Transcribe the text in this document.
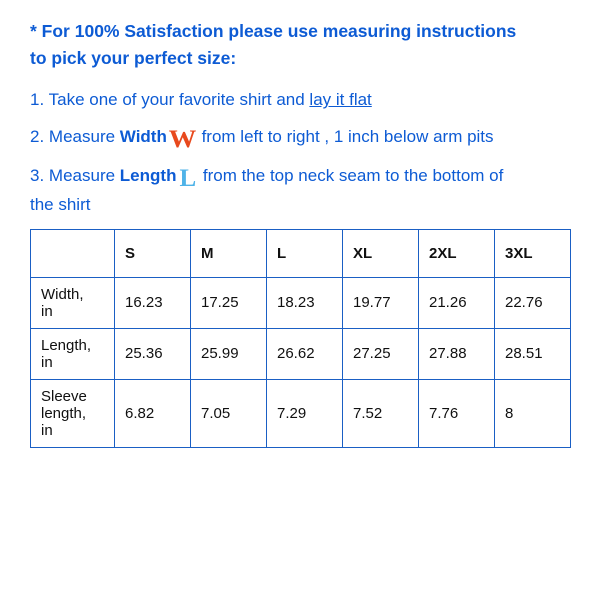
* For 100% Satisfaction please use measuring instructions
to pick your perfect size:

1. Take one of your favorite shirt and lay it flat

2. Measure WidthW from left to right , 1 inch below arm pits

3. Measure Length L from the top neck seam to the bottom of
the shirt

	S	M	L	XL	2XL	3XL
Width,
in	16.23	17.25	18.23	19.77	21.26	22.76
Length,
in	25.36	25.99	26.62	27.25	27.88	28.51
Sleeve
length,
in	6.82	7.05	7.29	7.52	7.76	8
